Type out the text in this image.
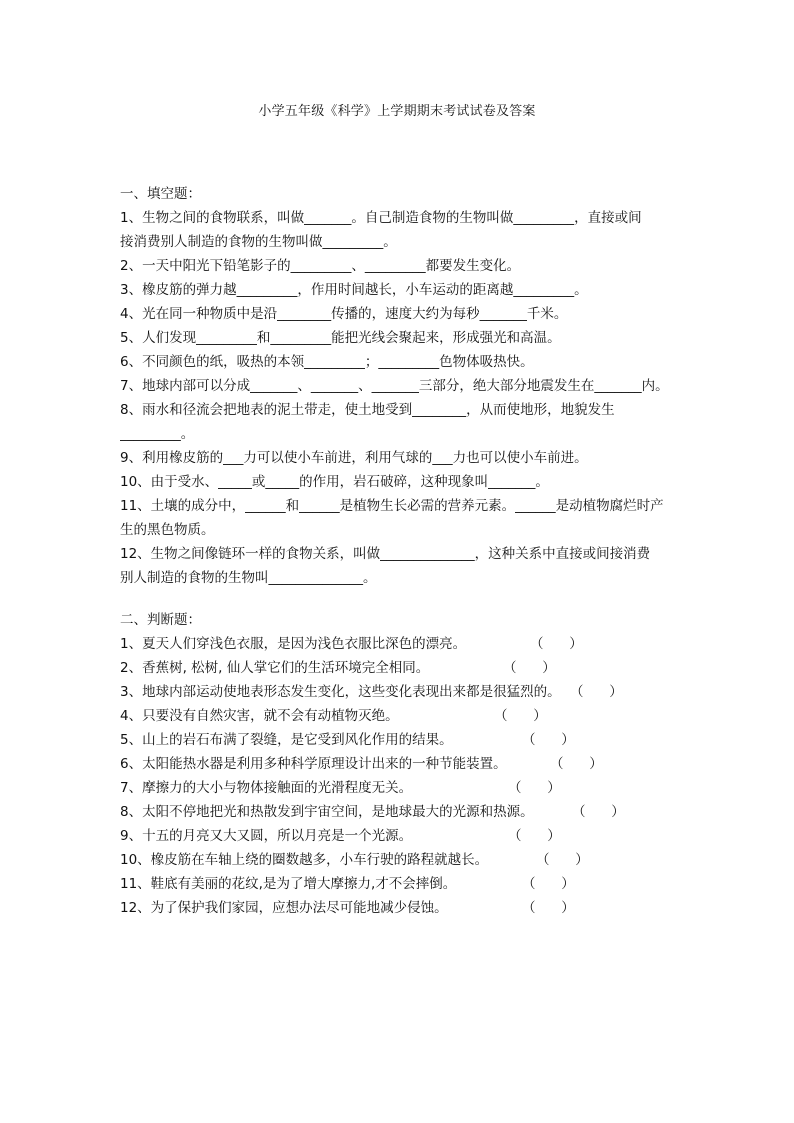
小学五年级《科学》上学期期末考试试卷及答案
一、填空题：
1、生物之间的食物联系，叫做_______。自己制造食物的生物叫做_________，直接或间
接消费别人制造的食物的生物叫做_________。
2、一天中阳光下铅笔影子的_________、_________都要发生变化。
3、橡皮筋的弹力越_________，作用时间越长，小车运动的距离越_________。
4、光在同一种物质中是沿________传播的，速度大约为每秒_______千米。
5、人们发现_________和_________能把光线会聚起来，形成强光和高温。
6、不同颜色的纸，吸热的本领_________；_________色物体吸热快。
7、地球内部可以分成_______、_______、_______三部分，绝大部分地震发生在_______内。
8、雨水和径流会把地表的泥土带走，使土地受到________，从而使地形，地貌发生
_________。
9、利用橡皮筋的___力可以使小车前进，利用气球的___力也可以使小车前进。
10、由于受水、_____或_____的作用，岩石破碎，这种现象叫_______。
11、土壤的成分中，______和______是植物生长必需的营养元素。______是动植物腐烂时产
生的黑色物质。
12、生物之间像链环一样的食物关系，叫做______________，这种关系中直接或间接消费
别人制造的食物的生物叫______________。
二、判断题：
1、夏天人们穿浅色衣服，是因为浅色衣服比深色的漂亮。	（      ）
2、香蕉树, 松树, 仙人掌它们的生活环境完全相同。	（      ）
3、地球内部运动使地表形态发生变化，这些变化表现出来都是很猛烈的。 （      ）
4、只要没有自然灾害，就不会有动植物灭绝。	（      ）
5、山上的岩石布满了裂缝，是它受到风化作用的结果。	（      ）
6、太阳能热水器是利用多种科学原理设计出来的一种节能装置。	（      ）
7、摩擦力的大小与物体接触面的光滑程度无关。	（      ）
8、太阳不停地把光和热散发到宇宙空间，是地球最大的光源和热源。	（      ）
9、十五的月亮又大又圆，所以月亮是一个光源。	（      ）
10、橡皮筋在车轴上绕的圈数越多，小车行驶的路程就越长。	（      ）
11、鞋底有美丽的花纹,是为了增大摩擦力,才不会摔倒。	（      ）
12、为了保护我们家园，应想办法尽可能地减少侵蚀。	（      ）
